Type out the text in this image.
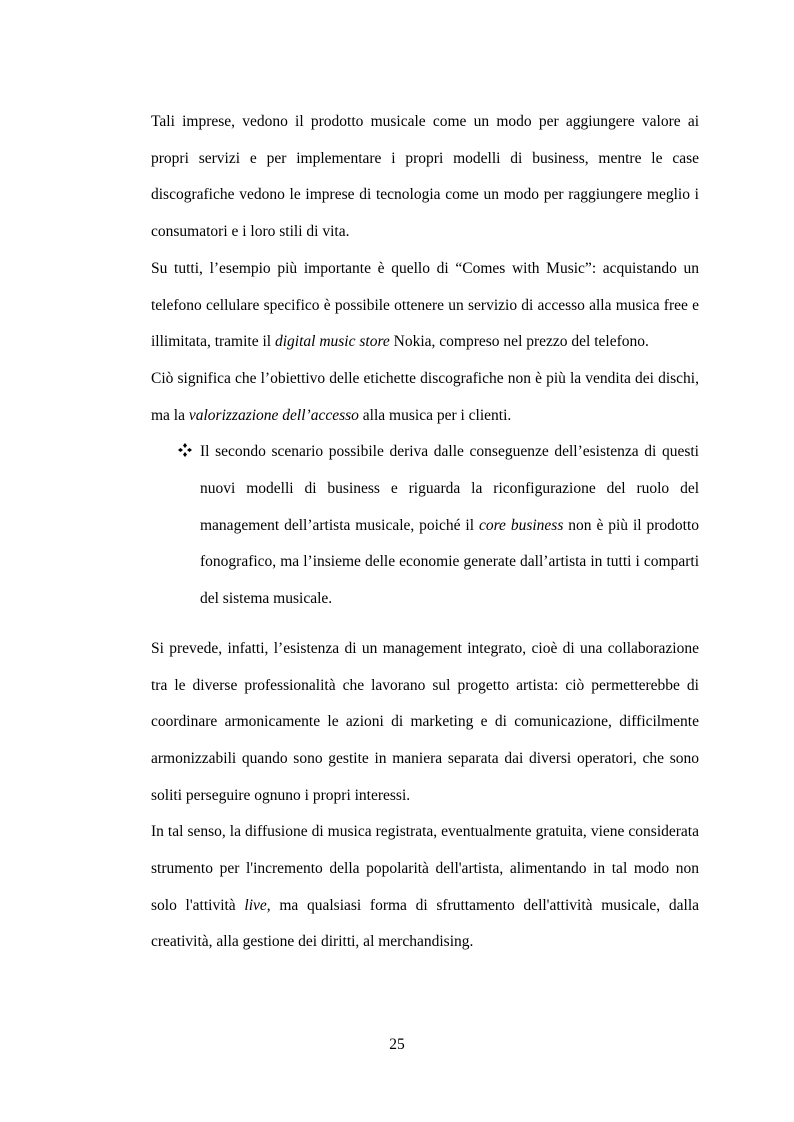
Tali imprese, vedono il prodotto musicale come un modo per aggiungere valore ai propri servizi e per implementare i propri modelli di business, mentre le case discografiche vedono le imprese di tecnologia come un modo per raggiungere meglio i consumatori e i loro stili di vita.

Su tutti, l’esempio più importante è quello di “Comes with Music”: acquistando un telefono cellulare specifico è possibile ottenere un servizio di accesso alla musica free e illimitata, tramite il digital music store Nokia, compreso nel prezzo del telefono.

Ciò significa che l’obiettivo delle etichette discografiche non è più la vendita dei dischi, ma la valorizzazione dell’accesso alla musica per i clienti.

Il secondo scenario possibile deriva dalle conseguenze dell’esistenza di questi nuovi modelli di business e riguarda la riconfigurazione del ruolo del management dell’artista musicale, poiché il core business non è più il prodotto fonografico, ma l’insieme delle economie generate dall’artista in tutti i comparti del sistema musicale.

Si prevede, infatti, l’esistenza di un management integrato, cioè di una collaborazione tra le diverse professionalità che lavorano sul progetto artista: ciò permetterebbe di coordinare armonicamente le azioni di marketing e di comunicazione, difficilmente armonizzabili quando sono gestite in maniera separata dai diversi operatori, che sono soliti perseguire ognuno i propri interessi.

In tal senso, la diffusione di musica registrata, eventualmente gratuita, viene considerata strumento per l'incremento della popolarità dell'artista, alimentando in tal modo non solo l'attività live, ma qualsiasi forma di sfruttamento dell'attività musicale, dalla creatività, alla gestione dei diritti, al merchandising.

25
